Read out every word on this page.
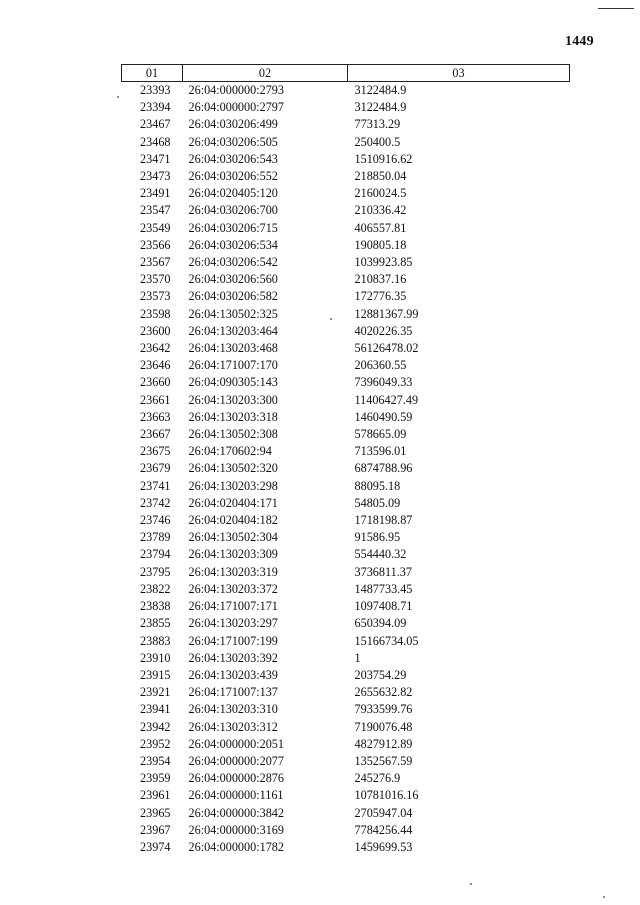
1449
01	02	03
23393	26:04:000000:2793	3122484.9
23394	26:04:000000:2797	3122484.9
23467	26:04:030206:499	77313.29
23468	26:04:030206:505	250400.5
23471	26:04:030206:543	1510916.62
23473	26:04:030206:552	218850.04
23491	26:04:020405:120	2160024.5
23547	26:04:030206:700	210336.42
23549	26:04:030206:715	406557.81
23566	26:04:030206:534	190805.18
23567	26:04:030206:542	1039923.85
23570	26:04:030206:560	210837.16
23573	26:04:030206:582	172776.35
23598	26:04:130502:325	12881367.99
23600	26:04:130203:464	4020226.35
23642	26:04:130203:468	56126478.02
23646	26:04:171007:170	206360.55
23660	26:04:090305:143	7396049.33
23661	26:04:130203:300	11406427.49
23663	26:04:130203:318	1460490.59
23667	26:04:130502:308	578665.09
23675	26:04:170602:94	713596.01
23679	26:04:130502:320	6874788.96
23741	26:04:130203:298	88095.18
23742	26:04:020404:171	54805.09
23746	26:04:020404:182	1718198.87
23789	26:04:130502:304	91586.95
23794	26:04:130203:309	554440.32
23795	26:04:130203:319	3736811.37
23822	26:04:130203:372	1487733.45
23838	26:04:171007:171	1097408.71
23855	26:04:130203:297	650394.09
23883	26:04:171007:199	15166734.05
23910	26:04:130203:392	1
23915	26:04:130203:439	203754.29
23921	26:04:171007:137	2655632.82
23941	26:04:130203:310	7933599.76
23942	26:04:130203:312	7190076.48
23952	26:04:000000:2051	4827912.89
23954	26:04:000000:2077	1352567.59
23959	26:04:000000:2876	245276.9
23961	26:04:000000:1161	10781016.16
23965	26:04:000000:3842	2705947.04
23967	26:04:000000:3169	7784256.44
23974	26:04:000000:1782	1459699.53
